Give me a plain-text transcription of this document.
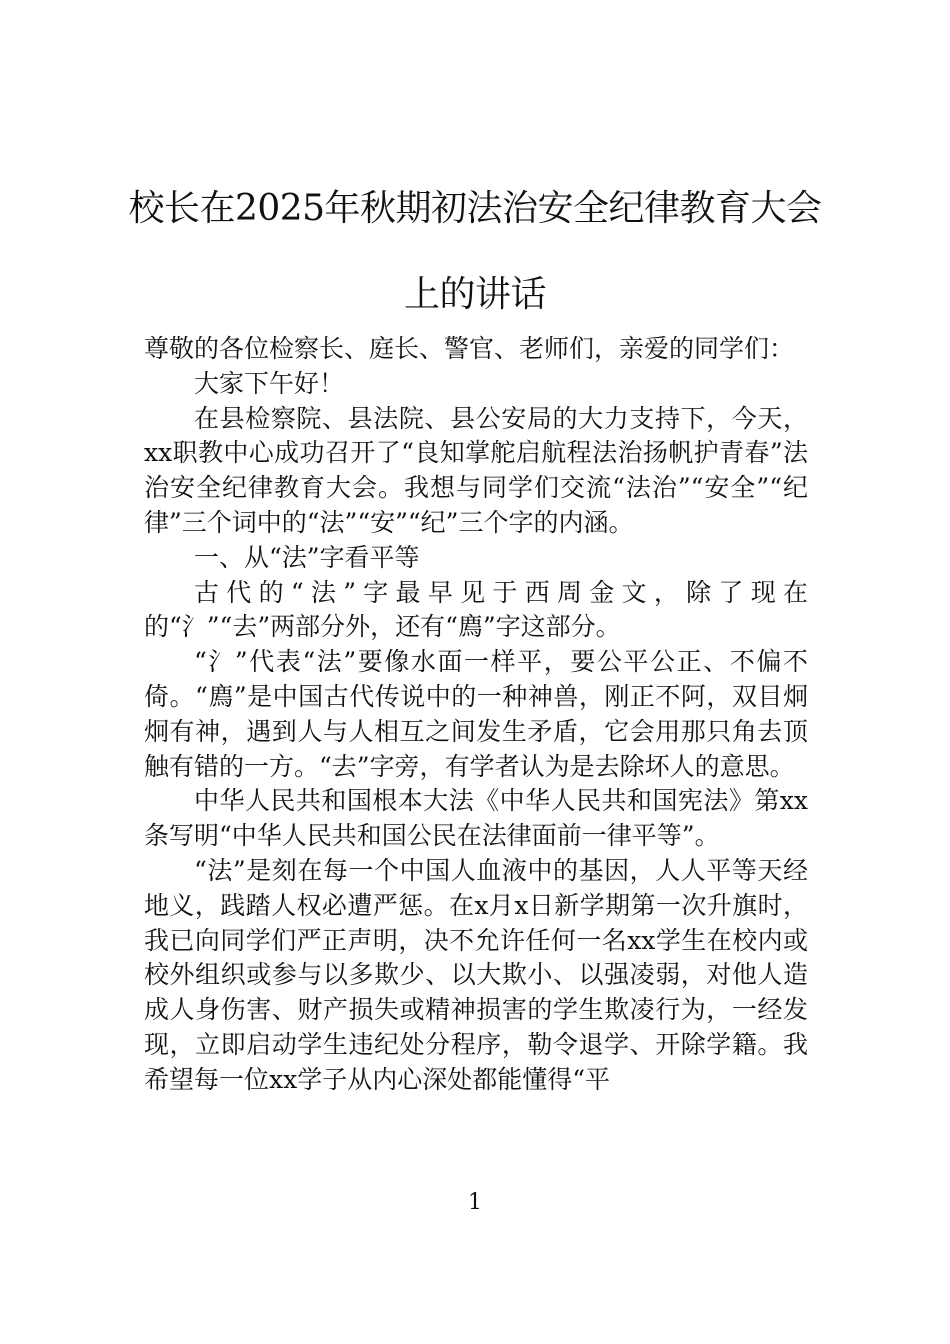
校长在2025年秋期初法治安全纪律教育大会上的讲话

尊敬的各位检察长、庭长、警官、老师们，亲爱的同学们：

大家下午好！

在县检察院、县法院、县公安局的大力支持下，今天，xx职教中心成功召开了“良知掌舵启航程法治扬帆护青春”法治安全纪律教育大会。我想与同学们交流“法治”“安全”“纪律”三个词中的“法”“安”“纪”三个字的内涵。

一、从“法”字看平等

古代的“法”字最早见于西周金文，除了现在的“氵”“去”两部分外，还有“廌”字这部分。

“氵”代表“法”要像水面一样平，要公平公正、不偏不倚。“廌”是中国古代传说中的一种神兽，刚正不阿，双目炯炯有神，遇到人与人相互之间发生矛盾，它会用那只角去顶触有错的一方。“去”字旁，有学者认为是去除坏人的意思。

中华人民共和国根本大法《中华人民共和国宪法》第xx条写明“中华人民共和国公民在法律面前一律平等”。

“法”是刻在每一个中国人血液中的基因，人人平等天经地义，践踏人权必遭严惩。在x月x日新学期第一次升旗时，我已向同学们严正声明，决不允许任何一名xx学生在校内或校外组织或参与以多欺少、以大欺小、以强凌弱，对他人造成人身伤害、财产损失或精神损害的学生欺凌行为，一经发现，立即启动学生违纪处分程序，勒令退学、开除学籍。我希望每一位xx学子从内心深处都能懂得“平

1
